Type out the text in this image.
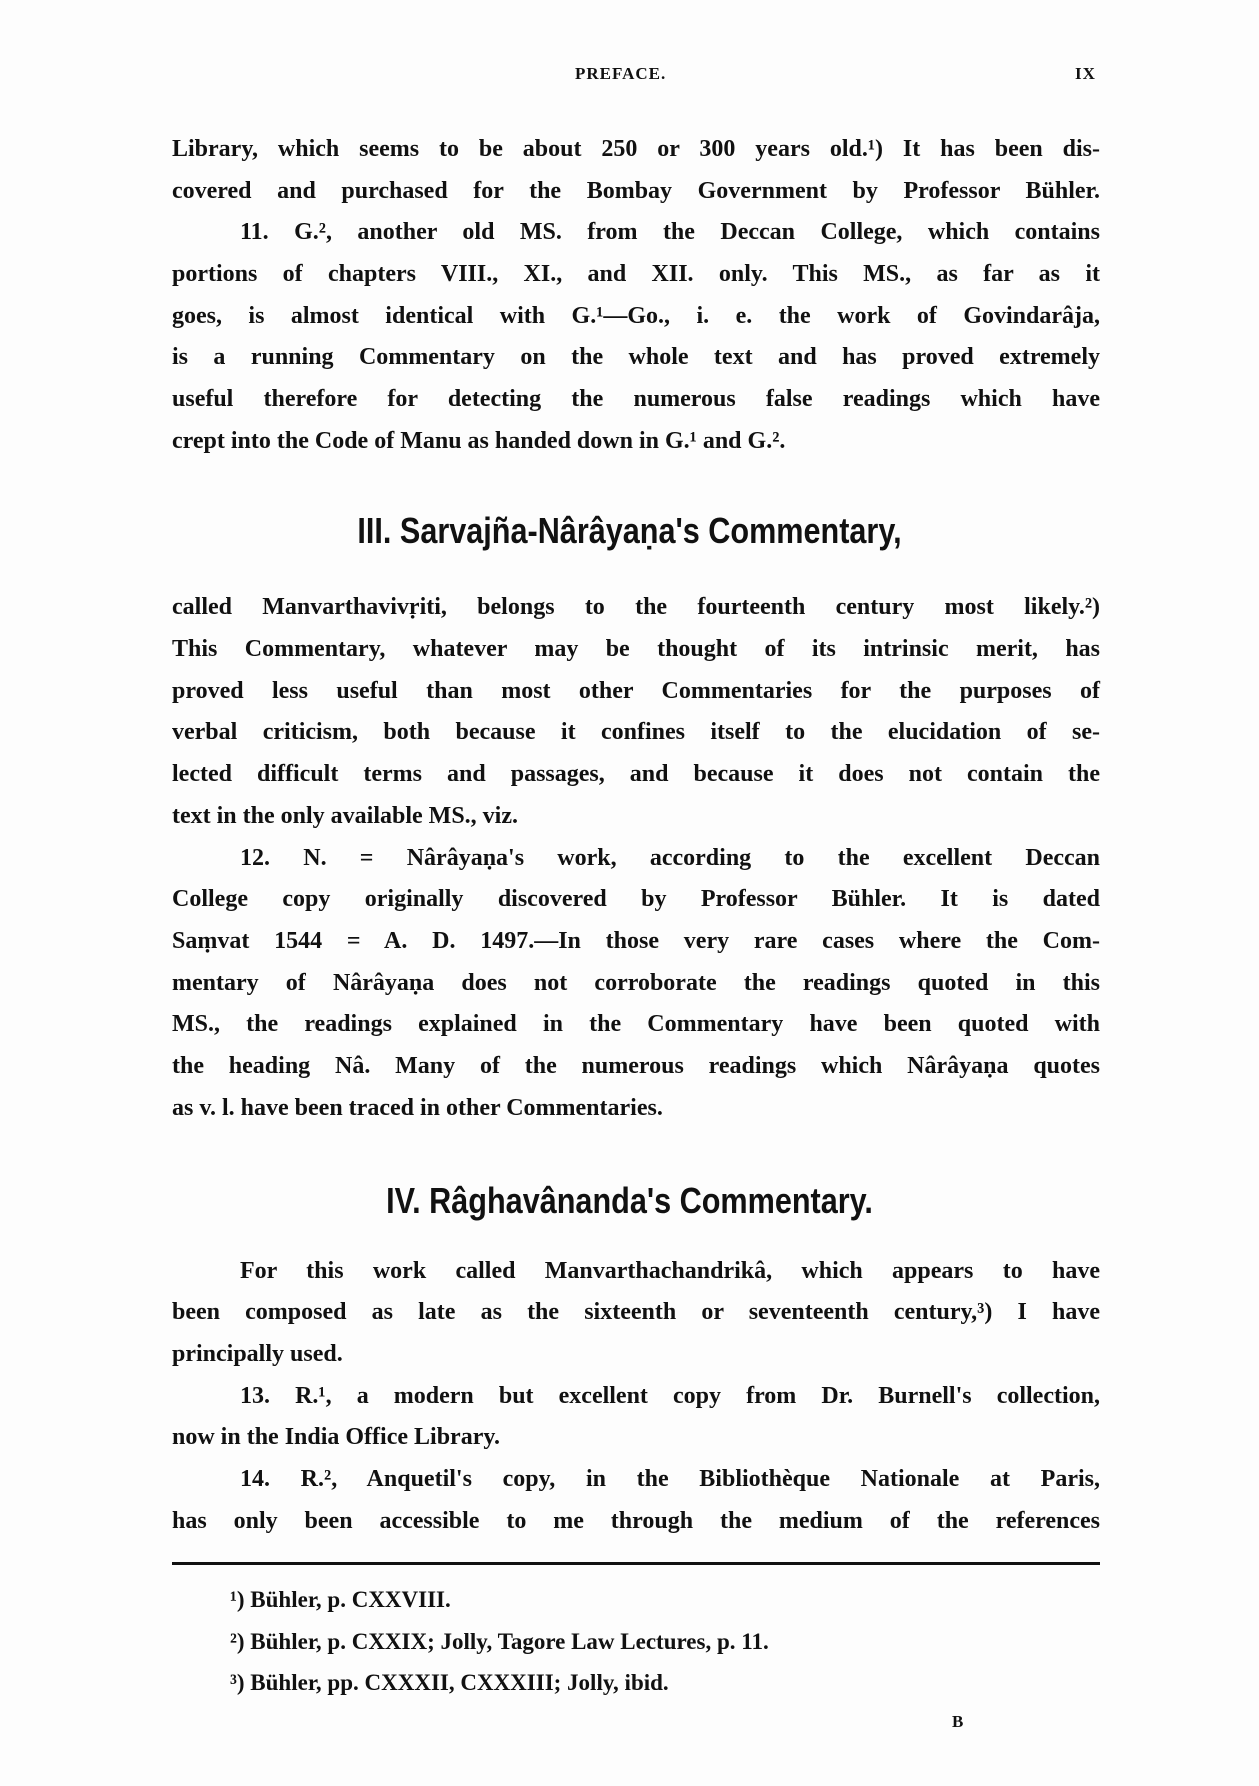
PREFACE.	IX
Library, which seems to be about 250 or 300 years old.¹) It has been dis-
covered and purchased for the Bombay Government by Professor Bühler.
11. G.², another old MS. from the Deccan College, which contains
portions of chapters VIII., XI., and XII. only. This MS., as far as it
goes, is almost identical with G.¹—Go., i. e. the work of Govindarâja,
is a running Commentary on the whole text and has proved extremely
useful therefore for detecting the numerous false readings which have
crept into the Code of Manu as handed down in G.¹ and G.².
III. Sarvajña-Nârâyaṇa's Commentary,
called Manvarthavivṛiti, belongs to the fourteenth century most likely.²)
This Commentary, whatever may be thought of its intrinsic merit, has
proved less useful than most other Commentaries for the purposes of
verbal criticism, both because it confines itself to the elucidation of se-
lected difficult terms and passages, and because it does not contain the
text in the only available MS., viz.
12. N. = Nârâyaṇa's work, according to the excellent Deccan
College copy originally discovered by Professor Bühler. It is dated
Saṃvat 1544 = A. D. 1497.—In those very rare cases where the Com-
mentary of Nârâyaṇa does not corroborate the readings quoted in this
MS., the readings explained in the Commentary have been quoted with
the heading Nâ. Many of the numerous readings which Nârâyaṇa quotes
as v. l. have been traced in other Commentaries.
IV. Râghavânanda's Commentary.
For this work called Manvarthachandrikâ, which appears to have
been composed as late as the sixteenth or seventeenth century,³) I have
principally used.
13. R.¹, a modern but excellent copy from Dr. Burnell's collection,
now in the India Office Library.
14. R.², Anquetil's copy, in the Bibliothèque Nationale at Paris,
has only been accessible to me through the medium of the references
¹) Bühler, p. CXXVIII.
²) Bühler, p. CXXIX; Jolly, Tagore Law Lectures, p. 11.
³) Bühler, pp. CXXXII, CXXXIII; Jolly, ibid.
B
